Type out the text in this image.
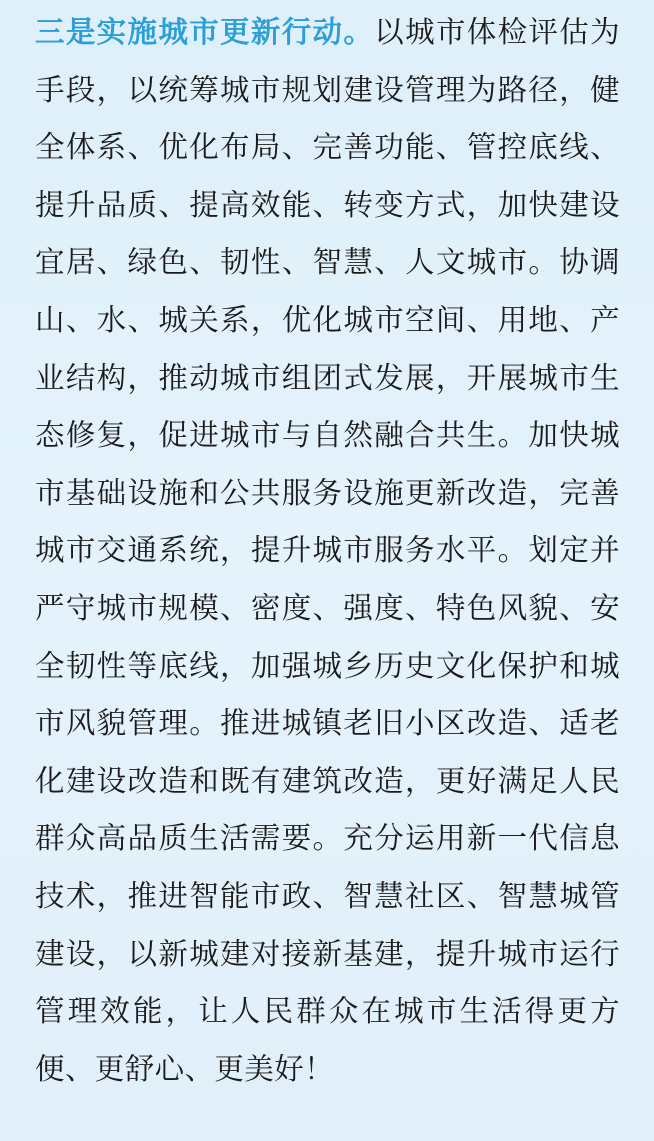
三是实施城市更新行动。以城市体检评估为手段，以统筹城市规划建设管理为路径，健全体系、优化布局、完善功能、管控底线、提升品质、提高效能、转变方式，加快建设宜居、绿色、韧性、智慧、人文城市。协调山、水、城关系，优化城市空间、用地、产业结构，推动城市组团式发展，开展城市生态修复，促进城市与自然融合共生。加快城市基础设施和公共服务设施更新改造，完善城市交通系统，提升城市服务水平。划定并严守城市规模、密度、强度、特色风貌、安全韧性等底线，加强城乡历史文化保护和城市风貌管理。推进城镇老旧小区改造、适老化建设改造和既有建筑改造，更好满足人民群众高品质生活需要。充分运用新一代信息技术，推进智能市政、智慧社区、智慧城管建设，以新城建对接新基建，提升城市运行管理效能，让人民群众在城市生活得更方便、更舒心、更美好！
